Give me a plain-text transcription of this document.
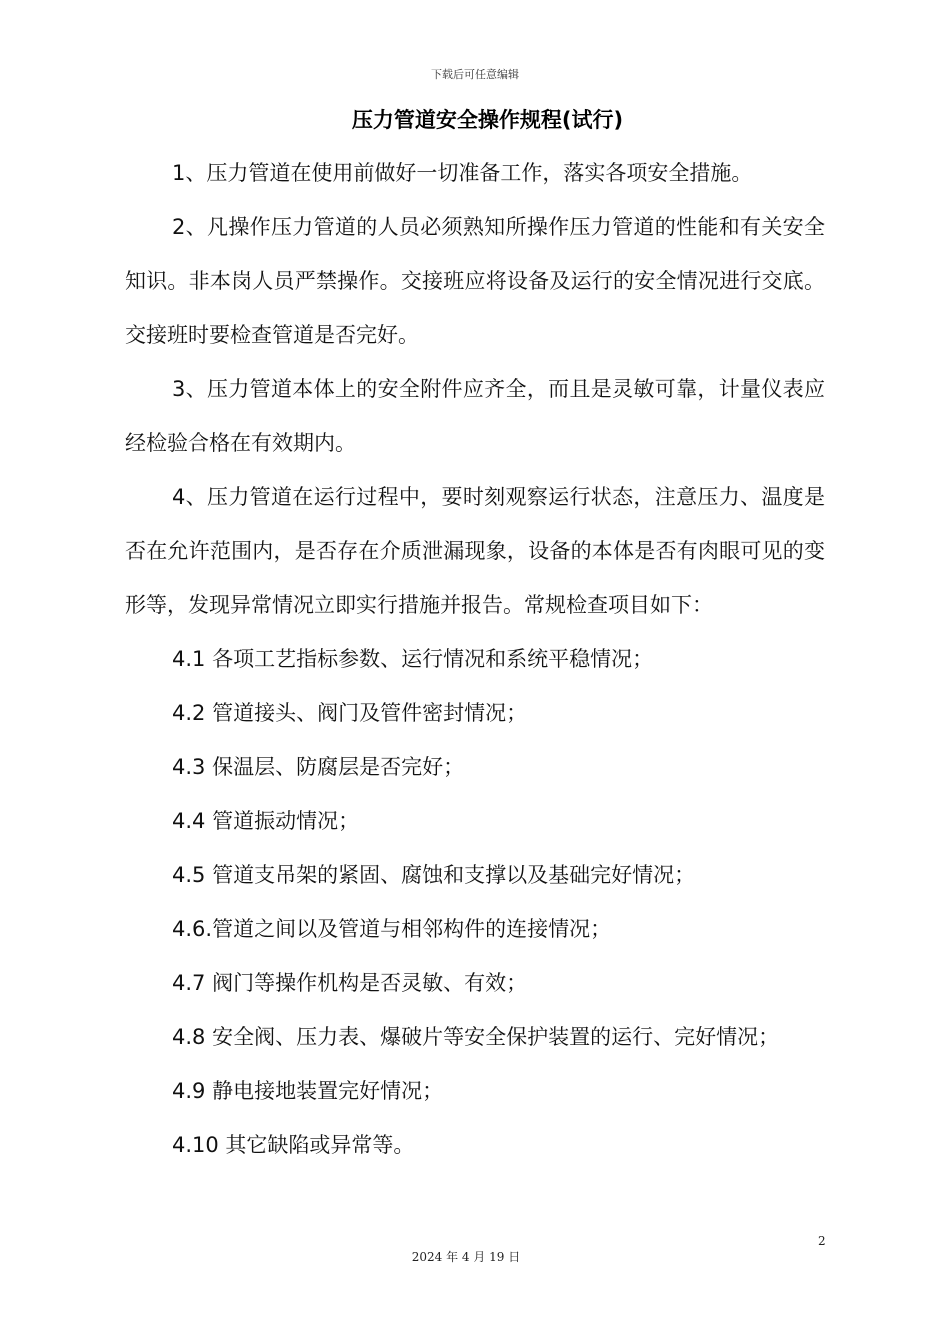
下载后可任意编辑
压力管道安全操作规程(试行)

1、压力管道在使用前做好一切准备工作，落实各项安全措施。

2、凡操作压力管道的人员必须熟知所操作压力管道的性能和有关安全知识。非本岗人员严禁操作。交接班应将设备及运行的安全情况进行交底。交接班时要检查管道是否完好。

3、压力管道本体上的安全附件应齐全，而且是灵敏可靠，计量仪表应经检验合格在有效期内。

4、压力管道在运行过程中，要时刻观察运行状态，注意压力、温度是否在允许范围内，是否存在介质泄漏现象，设备的本体是否有肉眼可见的变形等，发现异常情况立即实行措施并报告。常规检查项目如下：

4.1 各项工艺指标参数、运行情况和系统平稳情况；

4.2 管道接头、阀门及管件密封情况；

4.3 保温层、防腐层是否完好；

4.4 管道振动情况；

4.5 管道支吊架的紧固、腐蚀和支撑以及基础完好情况；

4.6.管道之间以及管道与相邻构件的连接情况；

4.7 阀门等操作机构是否灵敏、有效；

4.8 安全阀、压力表、爆破片等安全保护装置的运行、完好情况；

4.9 静电接地装置完好情况；

4.10 其它缺陷或异常等。

2
2024 年 4 月 19 日
